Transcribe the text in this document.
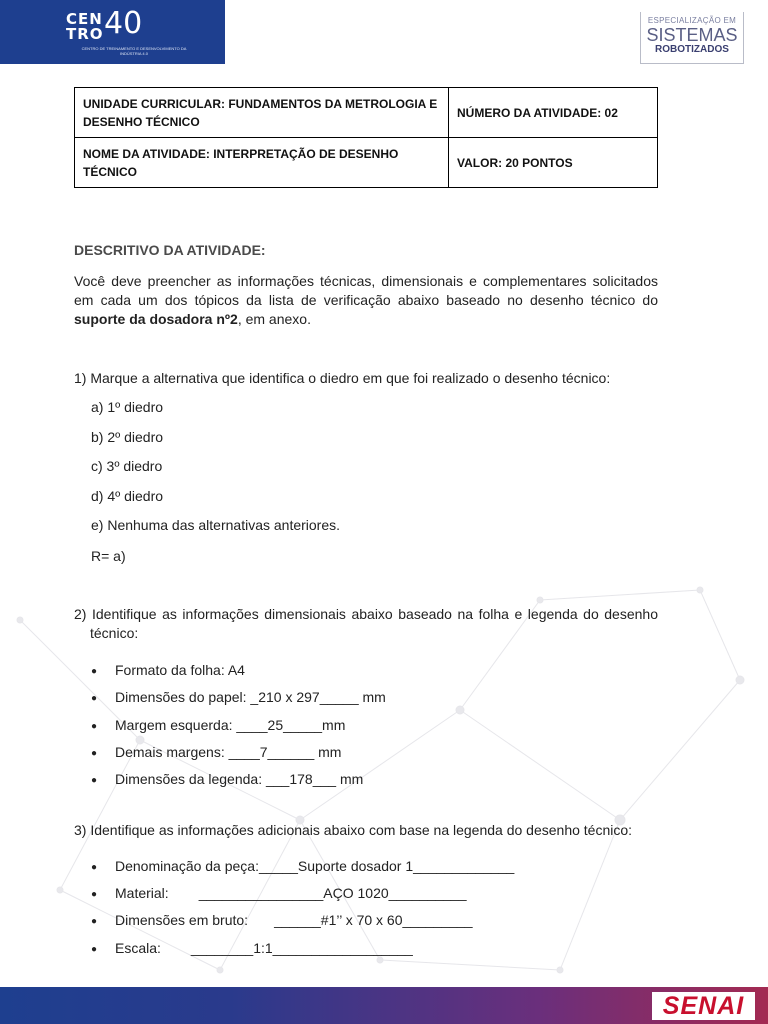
CEN
TRO 40
CENTRO DE TREINAMENTO E DESENVOLVIMENTO DA INDÚSTRIA 4.0
ESPECIALIZAÇÃO EM
SISTEMAS
ROBOTIZADOS
UNIDADE CURRICULAR: FUNDAMENTOS DA METROLOGIA E DESENHO TÉCNICO	NÚMERO DA ATIVIDADE: 02
NOME DA ATIVIDADE: INTERPRETAÇÃO DE DESENHO TÉCNICO	VALOR: 20 PONTOS
DESCRITIVO DA ATIVIDADE:
Você deve preencher as informações técnicas, dimensionais e complementares solicitados em cada um dos tópicos da lista de verificação abaixo baseado no desenho técnico do suporte da dosadora nº2, em anexo.
1) Marque a alternativa que identifica o diedro em que foi realizado o desenho técnico:
a) 1º diedro
b) 2º diedro
c) 3º diedro
d) 4º diedro
e) Nenhuma das alternativas anteriores.
R= a)
2) Identifique as informações dimensionais abaixo baseado na folha e legenda do desenho técnico:
● Formato da folha: A4
● Dimensões do papel: _210 x 297_____ mm
● Margem esquerda: ____25_____mm
● Demais margens: ____7______ mm
● Dimensões da legenda: ___178___ mm
3) Identifique as informações adicionais abaixo com base na legenda do desenho técnico:
● Denominação da peça:_____Suporte dosador 1_____________
● Material: ________________AÇO 1020__________
● Dimensões em bruto: ______#1’’ x 70 x 60_________
● Escala: ________1:1__________________
SENAI
